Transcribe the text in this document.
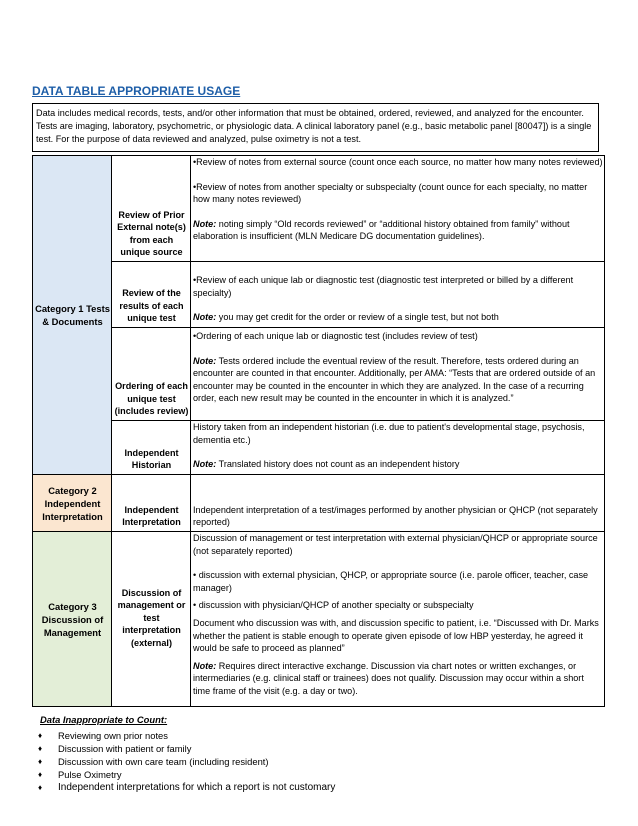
DATA TABLE APPROPRIATE USAGE
Data includes medical records, tests, and/or other information that must be obtained, ordered, reviewed, and analyzed for the encounter. Tests are imaging, laboratory, psychometric, or physiologic data. A clinical laboratory panel (e.g., basic metabolic panel [80047]) is a single test. For the purpose of data reviewed and analyzed, pulse oximetry is not a test.
Category 1 Tests & Documents	Review of Prior External note(s) from each unique source	•Review of notes from external source (count once each source, no matter how many notes reviewed)

•Review of notes from another specialty or subspecialty (count ounce for each specialty, no matter how many notes reviewed)

Note: noting simply “Old records reviewed” or “additional history obtained from family” without elaboration is insufficient (MLN Medicare DG documentation guidelines).

	Review of the results of each unique test	•Review of each unique lab or diagnostic test (diagnostic test interpreted or billed by a different specialty)

Note: you may get credit for the order or review of a single test, but not both

	Ordering of each unique test (includes review)	•Ordering of each unique lab or diagnostic test (includes review of test)

Note: Tests ordered include the eventual review of the result. Therefore, tests ordered during an encounter are counted in that encounter. Additionally, per AMA: “Tests that are ordered outside of an encounter may be counted in the encounter in which they are analyzed. In the case of a recurring order, each new result may be counted in the encounter in which it is analyzed.”

	Independent Historian	History taken from an independent historian (i.e. due to patient's developmental stage, psychosis, dementia etc.)

Note: Translated history does not count as an independent history

Category 2 Independent Interpretation	Independent Interpretation	Independent interpretation of a test/images performed by another physician or QHCP (not separately reported)

Category 3 Discussion of Management	Discussion of management or test interpretation (external)	Discussion of management or test interpretation with external physician/QHCP or appropriate source (not separately reported)

• discussion with external physician, QHCP, or appropriate source (i.e. parole officer, teacher, case manager)

• discussion with physician/QHCP of another specialty or subspecialty

Document who discussion was with, and discussion specific to patient, i.e. “Discussed with Dr. Marks whether the patient is stable enough to operate given episode of low HBP yesterday, he agreed it would be safe to proceed as planned”

Note: Requires direct interactive exchange. Discussion via chart notes or written exchanges, or intermediaries (e.g. clinical staff or trainees) does not qualify. Discussion may occur within a short time frame of the visit (e.g. a day or two).

Data Inappropriate to Count:
♦ Reviewing own prior notes
♦ Discussion with patient or family
♦ Discussion with own care team (including resident)
♦ Pulse Oximetry
♦ Independent interpretations for which a report is not customary
